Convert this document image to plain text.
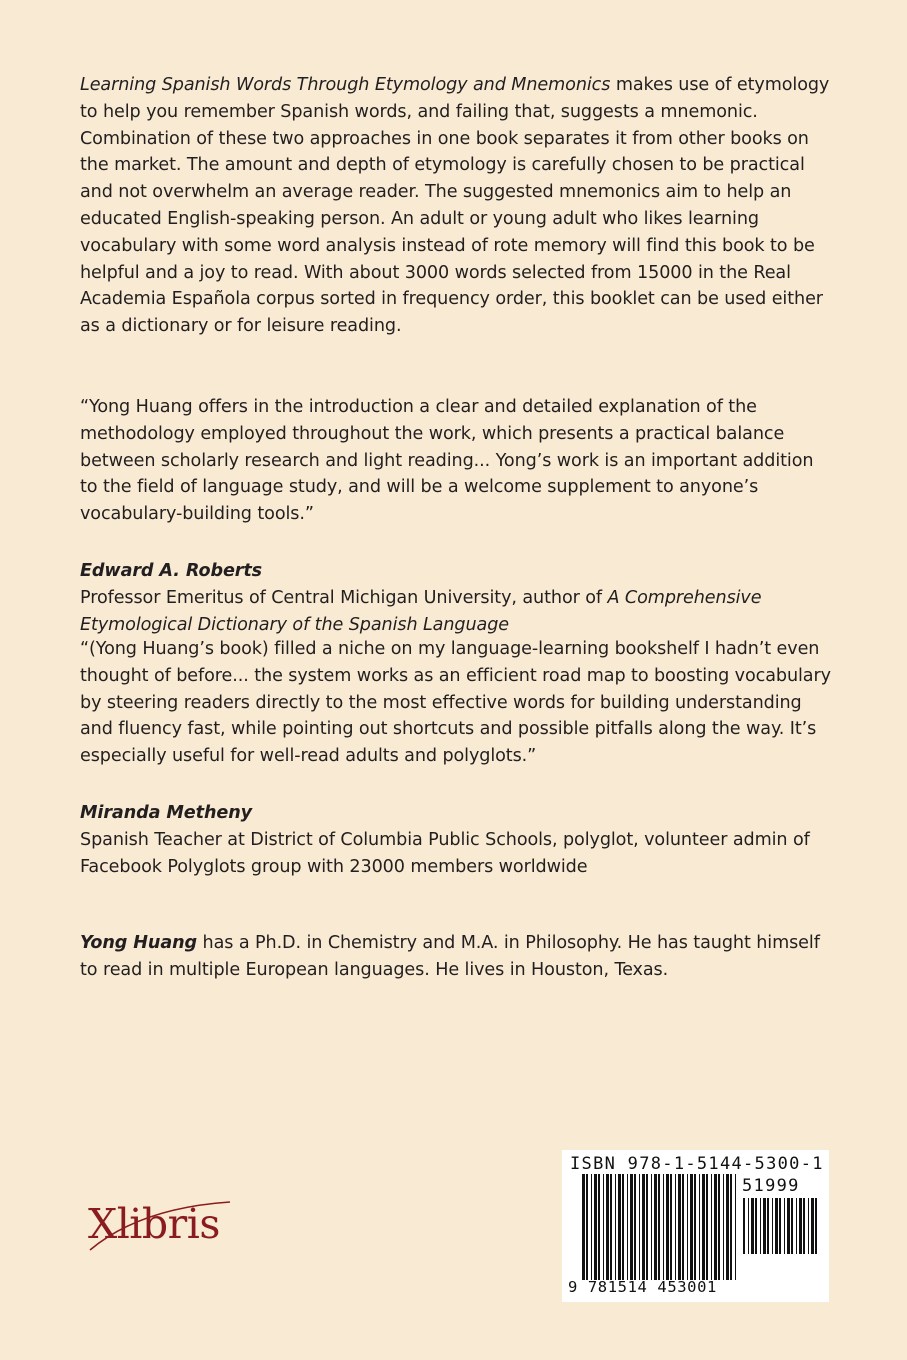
Learning Spanish Words Through Etymology and Mnemonics makes use of etymology to help you remember Spanish words, and failing that, suggests a mnemonic. Combination of these two approaches in one book separates it from other books on the market. The amount and depth of etymology is carefully chosen to be practical and not overwhelm an average reader. The suggested mnemonics aim to help an educated English-speaking person. An adult or young adult who likes learning vocabulary with some word analysis instead of rote memory will find this book to be helpful and a joy to read. With about 3000 words selected from 15000 in the Real Academia Española corpus sorted in frequency order, this booklet can be used either as a dictionary or for leisure reading.

“Yong Huang offers in the introduction a clear and detailed explanation of the methodology employed throughout the work, which presents a practical balance between scholarly research and light reading... Yong’s work is an important addition to the field of language study, and will be a welcome supplement to anyone’s vocabulary-building tools.”

Edward A. Roberts

Professor Emeritus of Central Michigan University, author of A Comprehensive Etymological Dictionary of the Spanish Language

“(Yong Huang’s book) filled a niche on my language-learning bookshelf I hadn’t even thought of before... the system works as an efficient road map to boosting vocabulary by steering readers directly to the most effective words for building understanding and fluency fast, while pointing out shortcuts and possible pitfalls along the way. It’s especially useful for well-read adults and polyglots.”

Miranda Metheny

Spanish Teacher at District of Columbia Public Schools, polyglot, volunteer admin of Facebook Polyglots group with 23000 members worldwide

Yong Huang has a Ph.D. in Chemistry and M.A. in Philosophy. He has taught himself to read in multiple European languages. He lives in Houston, Texas.

Xlibris
ISBN 978-1-5144-5300-1
51999
9 781514 453001
